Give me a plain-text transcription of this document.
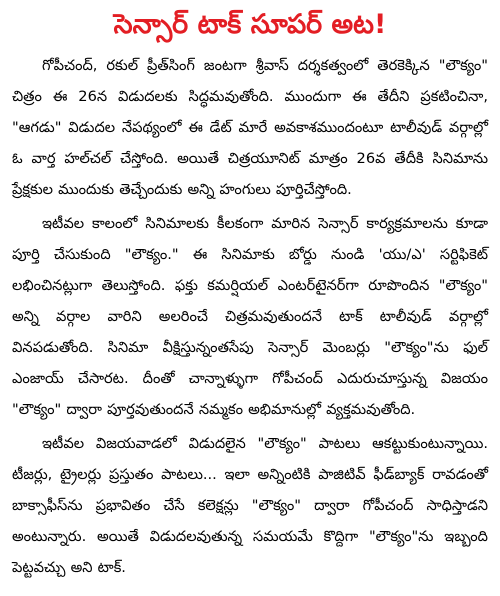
సెన్సార్ టాక్ సూపర్ అట!

గోపీచంద్, రకుల్ ప్రీత్‌సింగ్ జంటగా శ్రీవాస్ దర్శకత్వంలో తెరకెక్కిన "లౌక్యం" చిత్రం ఈ 26న విడుదలకు సిద్ధమవుతోంది. ముందుగా ఈ తేదీని ప్రకటించినా, "ఆగడు" విడుదల నేపథ్యంలో ఈ డేట్ మారే అవకాశముందంటూ టాలీవుడ్ వర్గాల్లో ఓ వార్త హల్‌చల్ చేస్తోంది. అయితే చిత్రయూనిట్ మాత్రం 26వ తేదీకి సినిమాను ప్రేక్షకుల ముందుకు తెచ్చేందుకు అన్ని హంగులు పూర్తిచేస్తోంది.

ఇటీవల కాలంలో సినిమాలకు కీలకంగా మారిన సెన్సార్ కార్యక్రమాలను కూడా పూర్తి చేసుకుంది "లౌక్యం." ఈ సినిమాకు బోర్డు నుండి 'యు/ఎ' సర్టిఫికెట్ లభించినట్లుగా తెలుస్తోంది. ఫక్తు కమర్షియల్ ఎంటర్‌టైనర్‌గా రూపొందిన "లౌక్యం" అన్ని వర్గాల వారిని అలరించే చిత్రమవుతుందనే టాక్ టాలీవుడ్ వర్గాల్లో వినపడుతోంది. సినిమా వీక్షిస్తున్నంతసేపు సెన్సార్ మెంబర్లు "లౌక్యం"ను ఫుల్ ఎంజాయ్ చేసారట. దీంతో చాన్నాళ్ళుగా గోపీచంద్ ఎదురుచూస్తున్న విజయం "లౌక్యం" ద్వారా పూర్తవుతుందనే నమ్మకం అభిమానుల్లో వ్యక్తమవుతోంది.

ఇటీవల విజయవాడలో విడుదలైన "లౌక్యం" పాటలు ఆకట్టుకుంటున్నాయి. టీజర్లు, ట్రైలర్లు ప్రస్తుతం పాటలు... ఇలా అన్నింటికి పాజిటివ్ ఫీడ్‌బ్యాక్ రావడంతో బాక్సాఫీస్‌ను ప్రభావితం చేసే కలెక్షన్లు "లౌక్యం" ద్వారా గోపీచంద్ సాధిస్తాడని అంటున్నారు. అయితే విడుదలవుతున్న సమయమే కొద్దిగా "లౌక్యం"ను ఇబ్బంది పెట్టవచ్చు అని టాక్.
